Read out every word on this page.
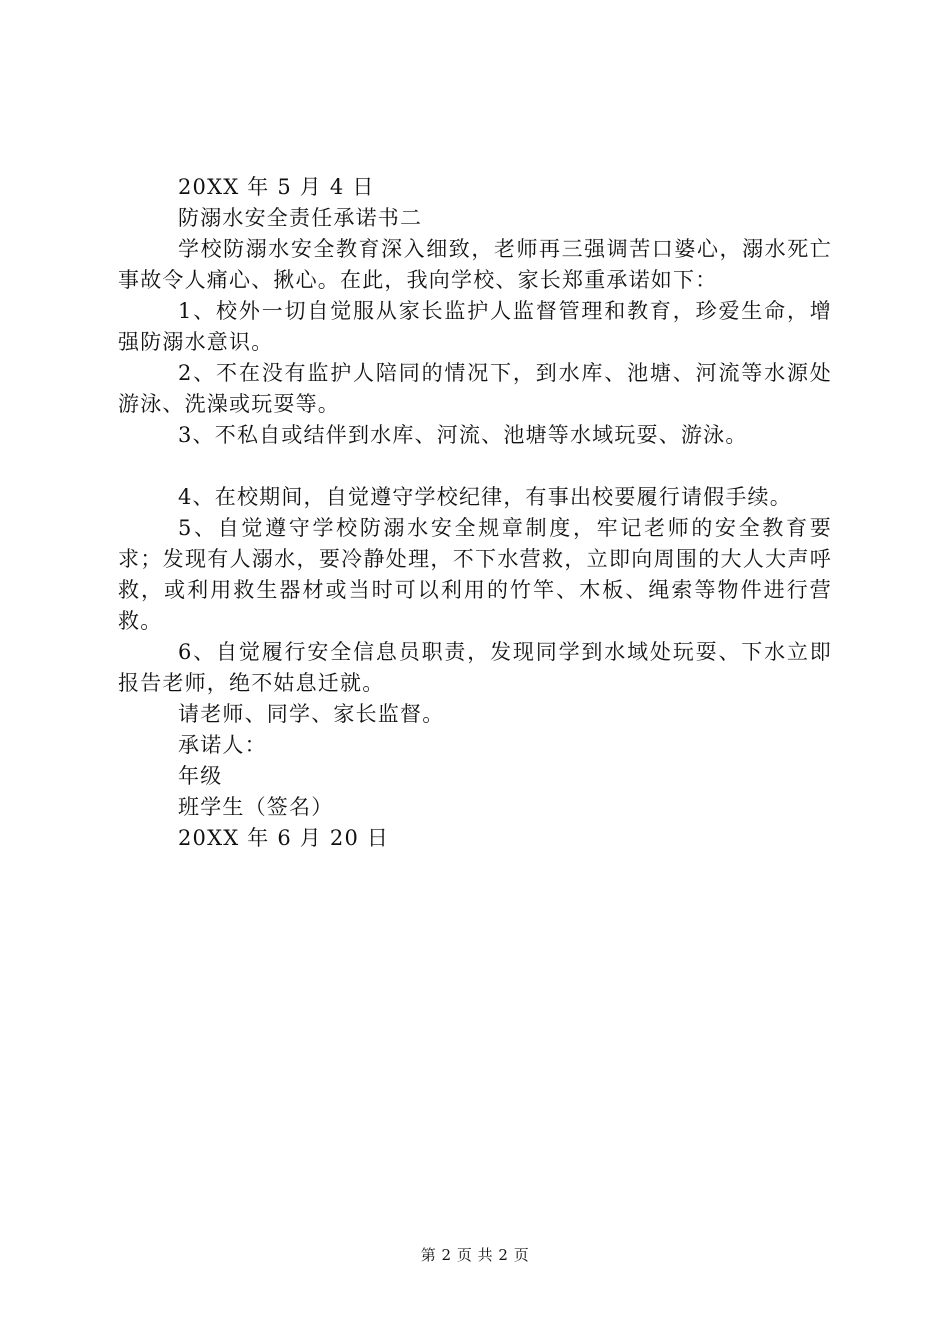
20XX 年 5 月 4 日
防溺水安全责任承诺书二
学校防溺水安全教育深入细致，老师再三强调苦口婆心，溺水死亡事故令人痛心、揪心。在此，我向学校、家长郑重承诺如下：
1、校外一切自觉服从家长监护人监督管理和教育，珍爱生命，增强防溺水意识。
2、不在没有监护人陪同的情况下，到水库、池塘、河流等水源处游泳、洗澡或玩耍等。
3、不私自或结伴到水库、河流、池塘等水域玩耍、游泳。
4、在校期间，自觉遵守学校纪律，有事出校要履行请假手续。
5、自觉遵守学校防溺水安全规章制度，牢记老师的安全教育要求；发现有人溺水，要冷静处理，不下水营救，立即向周围的大人大声呼救，或利用救生器材或当时可以利用的竹竿、木板、绳索等物件进行营救。
6、自觉履行安全信息员职责，发现同学到水域处玩耍、下水立即报告老师，绝不姑息迁就。
请老师、同学、家长监督。
承诺人：
年级
班学生（签名）
20XX 年 6 月 20 日
第 2 页 共 2 页
